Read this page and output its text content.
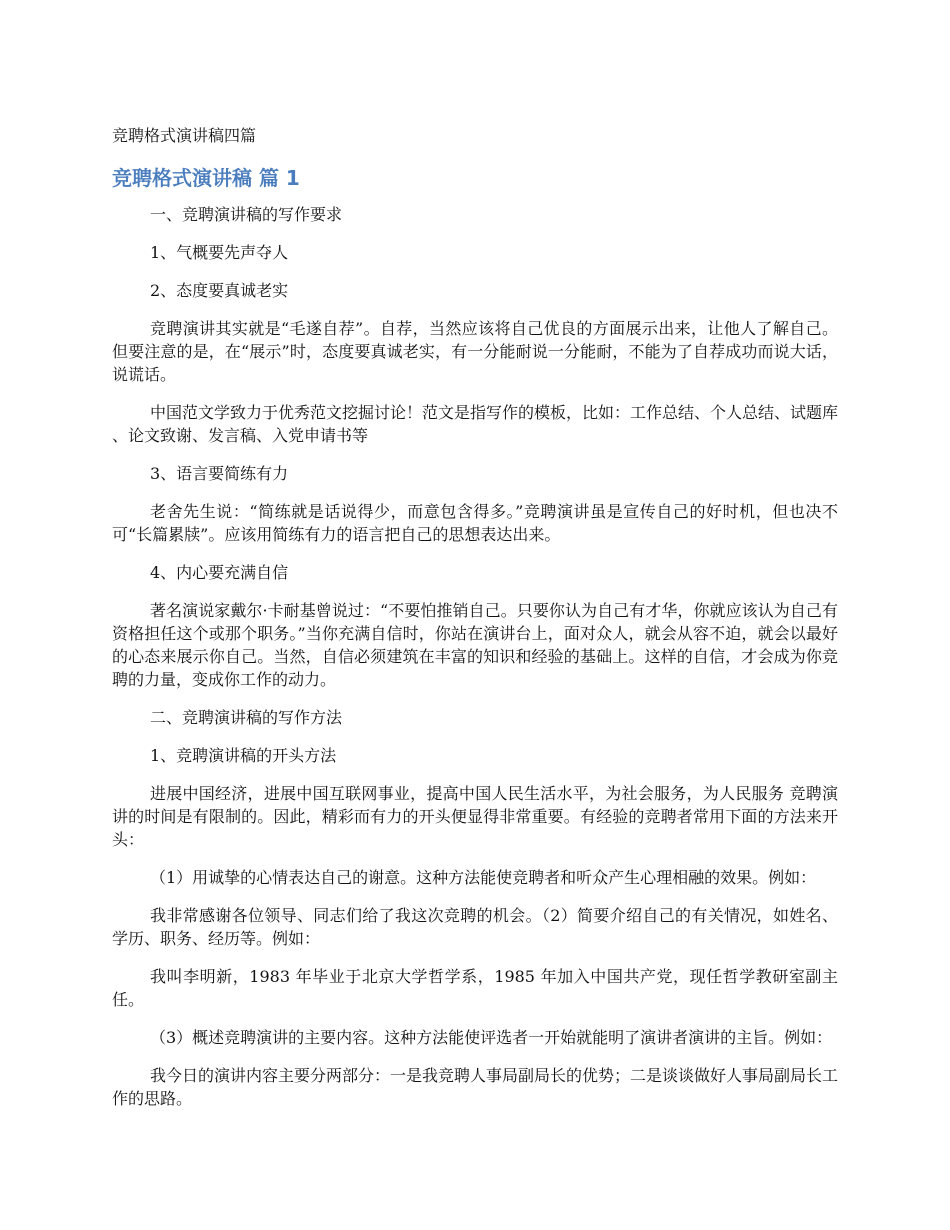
竞聘格式演讲稿四篇
竞聘格式演讲稿 篇 1

一、竞聘演讲稿的写作要求

1、气概要先声夺人

2、态度要真诚老实

竞聘演讲其实就是“毛遂自荐”。自荐，当然应该将自己优良的方面展示出来，让他人了解自己。但要注意的是，在“展示”时，态度要真诚老实，有一分能耐说一分能耐，不能为了自荐成功而说大话，说谎话。

中国范文学致力于优秀范文挖掘讨论！范文是指写作的模板，比如：工作总结、个人总结、试题库 、论文致谢、发言稿、入党申请书等

3、语言要简练有力

老舍先生说：“简练就是话说得少，而意包含得多。”竞聘演讲虽是宣传自己的好时机，但也决不可“长篇累牍”。应该用简练有力的语言把自己的思想表达出来。

4、内心要充满自信

著名演说家戴尔·卡耐基曾说过：“不要怕推销自己。只要你认为自己有才华，你就应该认为自己有资格担任这个或那个职务。”当你充满自信时，你站在演讲台上，面对众人，就会从容不迫，就会以最好的心态来展示你自己。当然，自信必须建筑在丰富的知识和经验的基础上。这样的自信，才会成为你竞聘的力量，变成你工作的动力。

二、竞聘演讲稿的写作方法

1、竞聘演讲稿的开头方法

进展中国经济，进展中国互联网事业，提高中国人民生活水平，为社会服务，为人民服务 竞聘演讲的时间是有限制的。因此，精彩而有力的开头便显得非常重要。有经验的竞聘者常用下面的方法来开头：

（1）用诚挚的心情表达自己的谢意。这种方法能使竞聘者和听众产生心理相融的效果。例如：

我非常感谢各位领导、同志们给了我这次竞聘的机会。（2）简要介绍自己的有关情况，如姓名、学历、职务、经历等。例如：

我叫李明新，1983 年毕业于北京大学哲学系，1985 年加入中国共产党，现任哲学教研室副主任。

（3）概述竞聘演讲的主要内容。这种方法能使评选者一开始就能明了演讲者演讲的主旨。例如：

我今日的演讲内容主要分两部分：一是我竞聘人事局副局长的优势；二是谈谈做好人事局副局长工作的思路。
